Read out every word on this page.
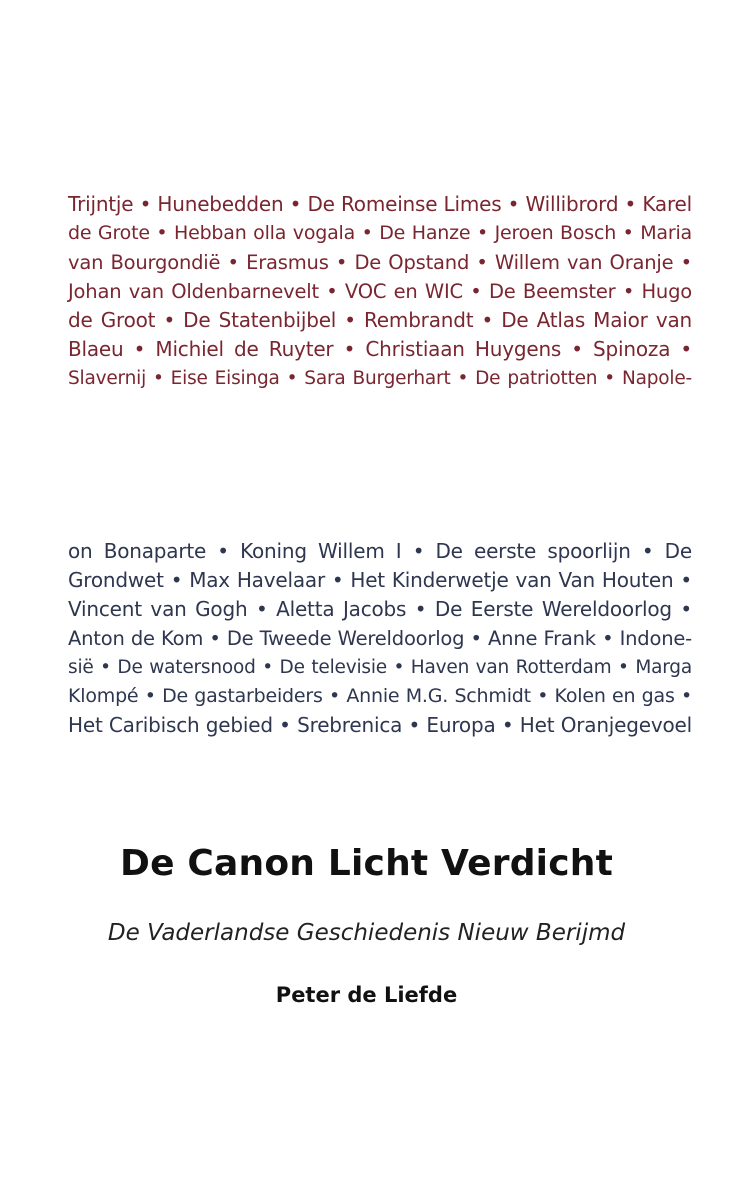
Trijntje • Hunebedden • De Romeinse Limes • Willibrord • Karel
de Grote • Hebban olla vogala • De Hanze • Jeroen Bosch • Maria
van Bourgondië • Erasmus • De Opstand • Willem van Oranje •
Johan van Oldenbarnevelt • VOC en WIC • De Beemster • Hugo
de Groot • De Statenbijbel • Rembrandt • De Atlas Maior van
Blaeu • Michiel de Ruyter • Christiaan Huygens • Spinoza •
Slavernij • Eise Eisinga • Sara Burgerhart • De patriotten • Napole-
on Bonaparte • Koning Willem I • De eerste spoorlijn • De
Grondwet • Max Havelaar • Het Kinderwetje van Van Houten •
Vincent van Gogh • Aletta Jacobs • De Eerste Wereldoorlog •
Anton de Kom • De Tweede Wereldoorlog • Anne Frank • Indone-
sië • De watersnood • De televisie • Haven van Rotterdam • Marga
Klompé • De gastarbeiders • Annie M.G. Schmidt • Kolen en gas •
Het Caribisch gebied • Srebrenica • Europa • Het Oranjegevoel
De Canon Licht Verdicht
De Vaderlandse Geschiedenis Nieuw Berijmd
Peter de Liefde
